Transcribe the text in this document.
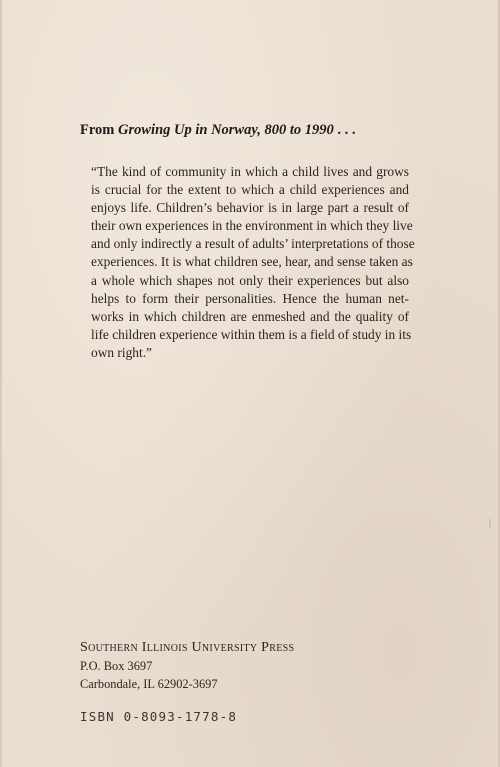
From Growing Up in Norway, 800 to 1990 . . .

“The kind of community in which a child lives and grows
is crucial for the extent to which a child experiences and
enjoys life. Children’s behavior is in large part a result of
their own experiences in the environment in which they live
and only indirectly a result of adults’ interpretations of those
experiences. It is what children see, hear, and sense taken as
a whole which shapes not only their experiences but also
helps to form their personalities. Hence the human net-
works in which children are enmeshed and the quality of
life children experience within them is a field of study in its
own right.”

Southern Illinois University Press
P.O. Box 3697
Carbondale, IL 62902-3697

ISBN 0-8093-1778-8
